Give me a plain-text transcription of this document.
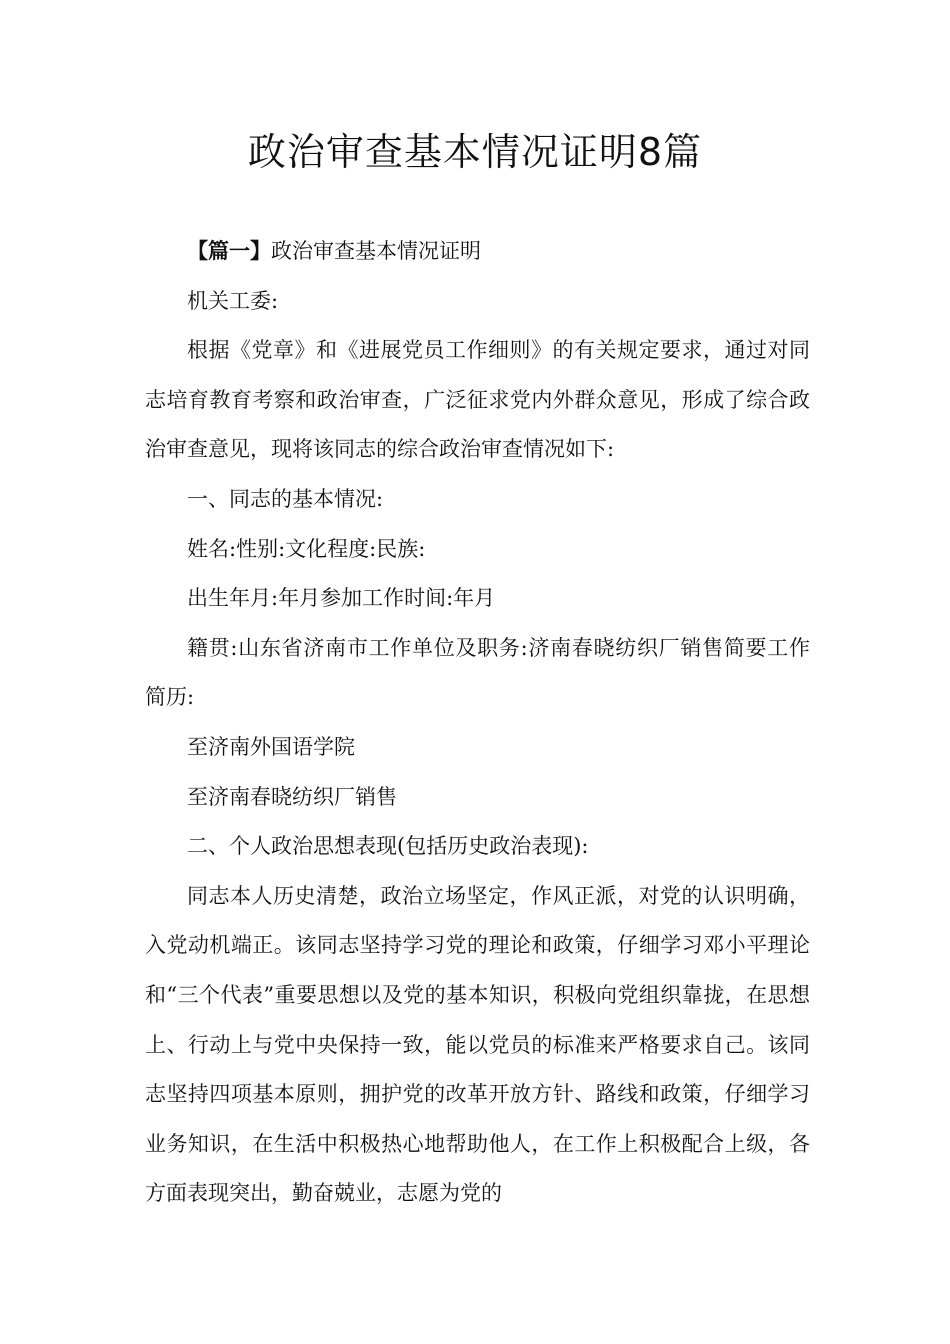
政治审查基本情况证明8篇

【篇一】政治审查基本情况证明

机关工委:

根据《党章》和《进展党员工作细则》的有关规定要求，通过对同志培育教育考察和政治审查，广泛征求党内外群众意见，形成了综合政治审查意见，现将该同志的综合政治审查情况如下:

一、同志的基本情况:

姓名:性别:文化程度:民族:

出生年月:年月参加工作时间:年月

籍贯:山东省济南市工作单位及职务:济南春晓纺织厂销售简要工作简历:

至济南外国语学院

至济南春晓纺织厂销售

二、个人政治思想表现(包括历史政治表现):

同志本人历史清楚，政治立场坚定，作风正派，对党的认识明确，入党动机端正。该同志坚持学习党的理论和政策，仔细学习邓小平理论和“三个代表”重要思想以及党的基本知识，积极向党组织靠拢，在思想上、行动上与党中央保持一致，能以党员的标准来严格要求自己。该同志坚持四项基本原则，拥护党的改革开放方针、路线和政策，仔细学习业务知识，在生活中积极热心地帮助他人，在工作上积极配合上级，各方面表现突出，勤奋兢业，志愿为党的
